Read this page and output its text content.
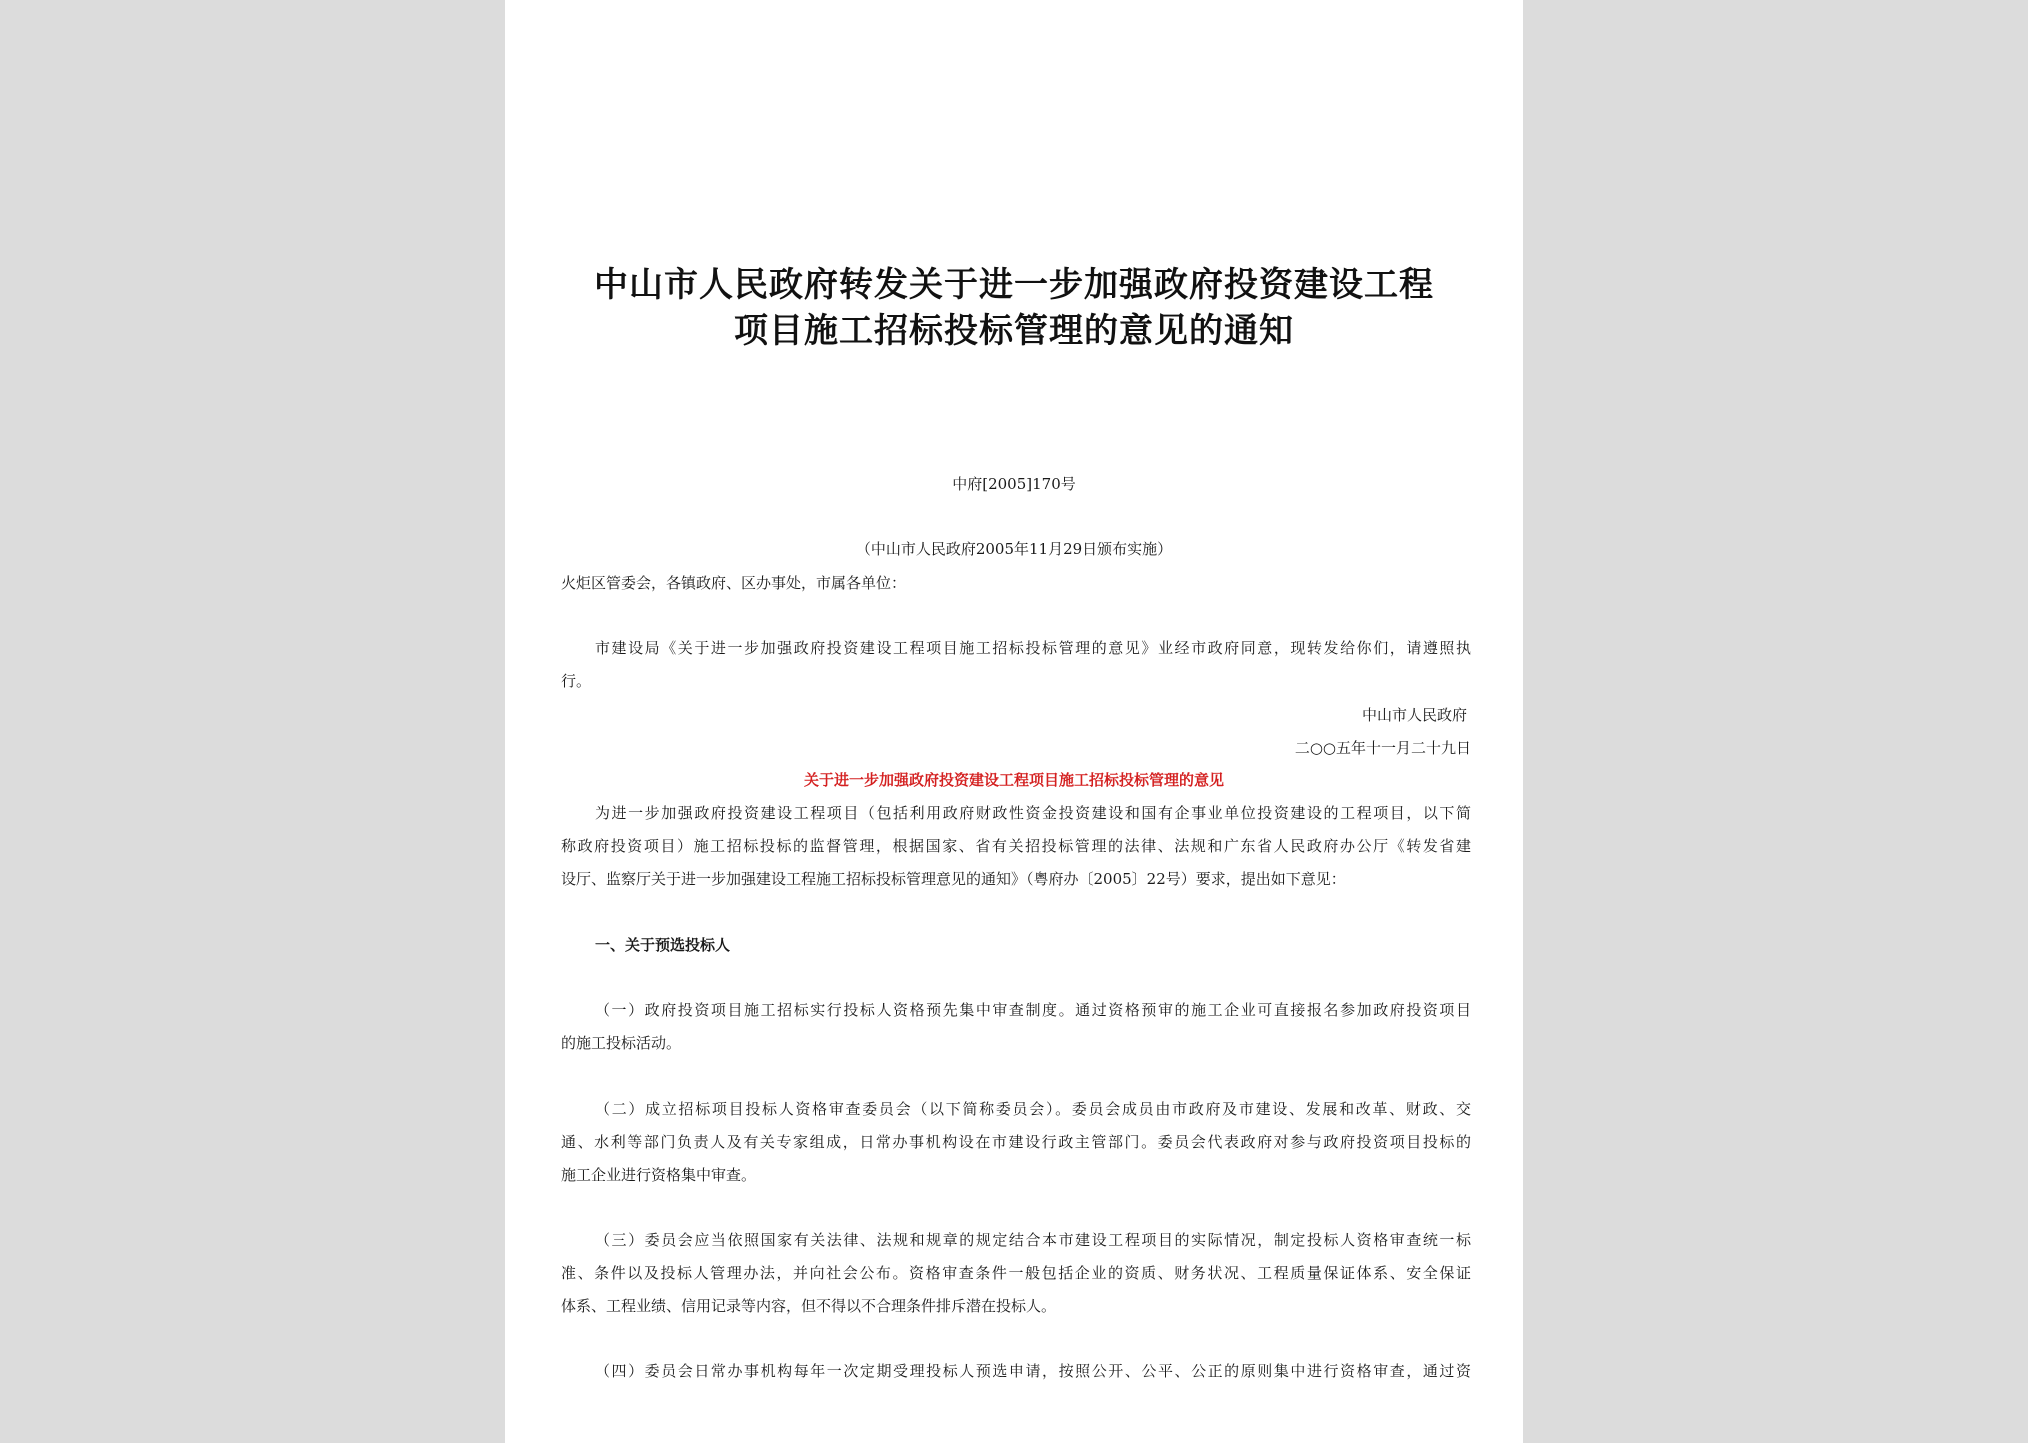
中山市人民政府转发关于进一步加强政府投资建设工程
项目施工招标投标管理的意见的通知
中府[2005]170号
（中山市人民政府2005年11月29日颁布实施）
火炬区管委会，各镇政府、区办事处，市属各单位：
市建设局《关于进一步加强政府投资建设工程项目施工招标投标管理的意见》业经市政府同意，现转发给你们，请遵照执
行。
中山市人民政府
二○○五年十一月二十九日
关于进一步加强政府投资建设工程项目施工招标投标管理的意见
为进一步加强政府投资建设工程项目（包括利用政府财政性资金投资建设和国有企事业单位投资建设的工程项目，以下简
称政府投资项目）施工招标投标的监督管理，根据国家、省有关招投标管理的法律、法规和广东省人民政府办公厅《转发省建
设厅、监察厅关于进一步加强建设工程施工招标投标管理意见的通知》（粤府办〔2005〕22号）要求，提出如下意见：
一、关于预选投标人
（一）政府投资项目施工招标实行投标人资格预先集中审查制度。通过资格预审的施工企业可直接报名参加政府投资项目
的施工投标活动。
（二）成立招标项目投标人资格审查委员会（以下简称委员会）。委员会成员由市政府及市建设、发展和改革、财政、交
通、水利等部门负责人及有关专家组成，日常办事机构设在市建设行政主管部门。委员会代表政府对参与政府投资项目投标的
施工企业进行资格集中审查。
（三）委员会应当依照国家有关法律、法规和规章的规定结合本市建设工程项目的实际情况，制定投标人资格审查统一标
准、条件以及投标人管理办法，并向社会公布。资格审查条件一般包括企业的资质、财务状况、工程质量保证体系、安全保证
体系、工程业绩、信用记录等内容，但不得以不合理条件排斥潜在投标人。
（四）委员会日常办事机构每年一次定期受理投标人预选申请，按照公开、公平、公正的原则集中进行资格审查，通过资
